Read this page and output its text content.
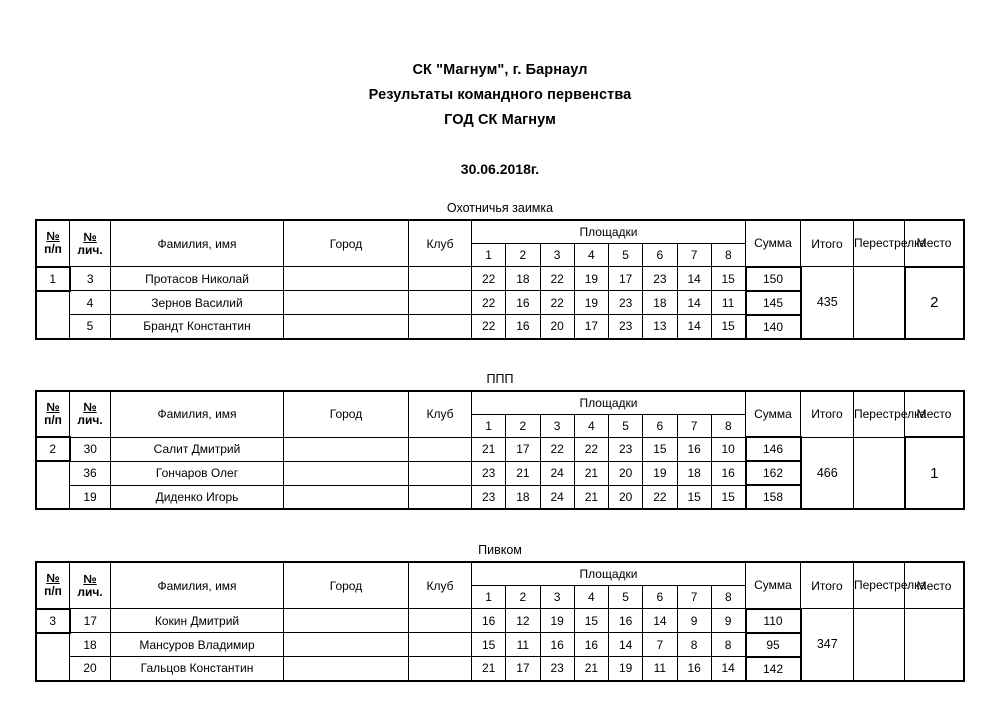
СК "Магнум", г. Барнаул
Результаты командного первенства
ГОД СК Магнум
30.06.2018г.
Охотничья заимка
№
п/п	№
лич.	Фамилия, имя	Город	Клуб	Площадки								Сумма	Итого	Перестрелка	Место
					1	2	3	4	5	6	7	8				
1	3	Протасов Николай			22	18	22	19	17	23	14	15	150	435		2
	4	Зернов Василий			22	16	22	19	23	18	14	11	145			
	5	Брандт Константин			22	16	20	17	23	13	14	15	140			
ППП
№
п/п	№
лич.	Фамилия, имя	Город	Клуб	Площадки								Сумма	Итого	Перестрелка	Место
					1	2	3	4	5	6	7	8				
2	30	Салит Дмитрий			21	17	22	22	23	15	16	10	146	466		1
	36	Гончаров Олег			23	21	24	21	20	19	18	16	162			
	19	Диденко Игорь			23	18	24	21	20	22	15	15	158			
Пивком
№
п/п	№
лич.	Фамилия, имя	Город	Клуб	Площадки								Сумма	Итого	Перестрелка	Место
					1	2	3	4	5	6	7	8				
3	17	Кокин Дмитрий			16	12	19	15	16	14	9	9	110	347		
	18	Мансуров Владимир			15	11	16	16	14	7	8	8	95			
	20	Гальцов Константин			21	17	23	21	19	11	16	14	142			
